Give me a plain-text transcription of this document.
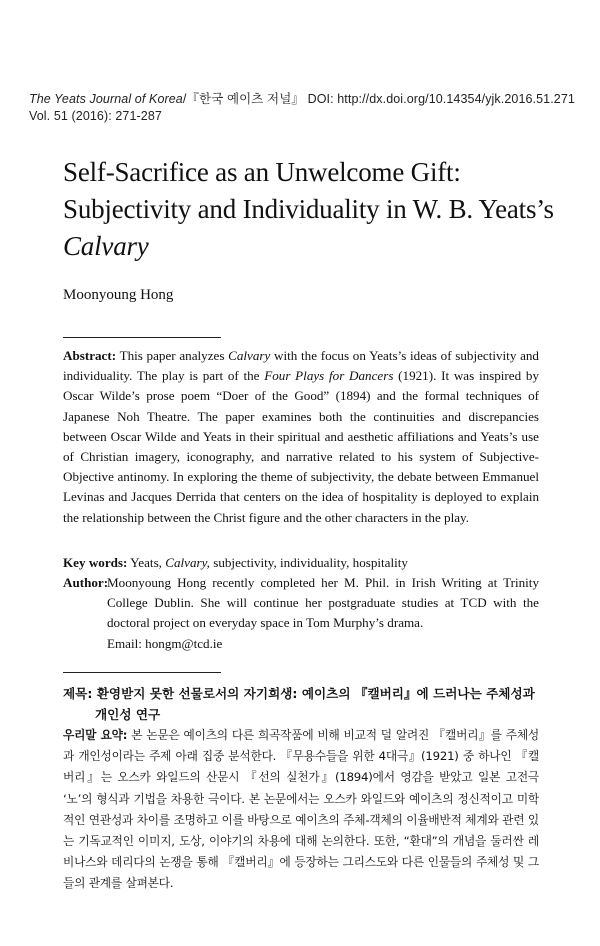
The Yeats Journal of Korea/『한국 예이츠 저널』 DOI: http://dx.doi.org/10.14354/yjk.2016.51.271
Vol. 51 (2016): 271-287
Self-Sacrifice as an Unwelcome Gift:
Subjectivity and Individuality in W. B. Yeats’s
Calvary
Moonyoung Hong
Abstract: This paper analyzes Calvary with the focus on Yeats’s ideas of subjectivity and individuality. The play is part of the Four Plays for Dancers (1921). It was inspired by Oscar Wilde’s prose poem “Doer of the Good” (1894) and the formal techniques of Japanese Noh Theatre. The paper examines both the continuities and discrepancies between Oscar Wilde and Yeats in their spiritual and aesthetic affiliations and Yeats’s use of Christian imagery, iconography, and narrative related to his system of Subjective-Objective antinomy. In exploring the theme of subjectivity, the debate between Emmanuel Levinas and Jacques Derrida that centers on the idea of hospitality is deployed to explain the relationship between the Christ figure and the other characters in the play.
Key words: Yeats, Calvary, subjectivity, individuality, hospitality
Author:
Moonyoung Hong recently completed her M. Phil. in Irish Writing at Trinity College Dublin. She will continue her postgraduate studies at TCD with the doctoral project on everyday space in Tom Murphy’s drama.
Email: hongm@tcd.ie
제목: 환영받지 못한 선물로서의 자기희생: 예이츠의 『캘버리』에 드러나는 주체성과
개인성 연구
우리말 요약: 본 논문은 예이츠의 다른 희곡작품에 비해 비교적 덜 알려진 『캘버리』를 주체성과 개인성이라는 주제 아래 집중 분석한다. 『무용수들을 위한 4대극』(1921) 중 하나인 『캘버리』는 오스카 와일드의 산문시 『선의 실천가』(1894)에서 영감을 받았고 일본 고전극 ‘노’의 형식과 기법을 차용한 극이다. 본 논문에서는 오스카 와일드와 예이츠의 정신적이고 미학적인 연관성과 차이를 조명하고 이를 바탕으로 예이츠의 주체-객체의 이율배반적 체계와 관련 있는 기독교적인 이미지, 도상, 이야기의 차용에 대해 논의한다. 또한, “환대”의 개념을 둘러싼 레비나스와 데리다의 논쟁을 통해 『캘버리』에 등장하는 그리스도와 다른 인물들의 주체성 및 그들의 관계를 살펴본다.
